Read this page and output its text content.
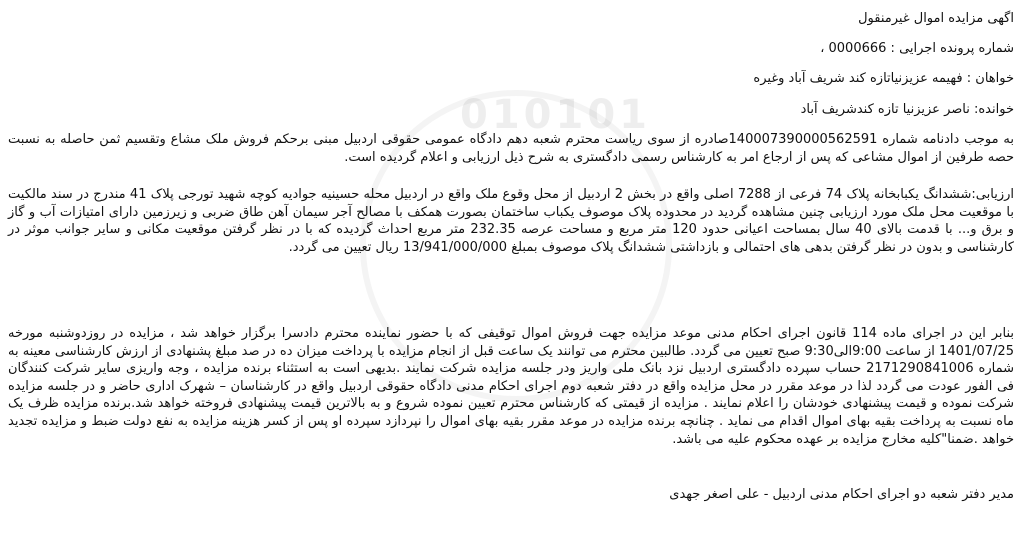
010101
اگهی مزایده اموال غیرمنقول
شماره پرونده اجرایی : 0000666 ،
خواهان : فهیمه عزیزنیاتازه کند شریف آباد وغیره
خوانده: ناصر عزیزنیا تازه کندشریف آباد
به موجب دادنامه شماره 140007390000562591صادره از سوی ریاست محترم شعبه دهم دادگاه عمومی حقوقی اردبیل مبنی برحکم فروش ملک مشاع وتقسیم ثمن حاصله به نسبت حصه طرفین از اموال مشاعی که پس از ارجاع امر به کارشناس رسمی دادگستری به شرح ذیل ارزیابی و اعلام گردیده است.
ارزیابی:ششدانگ یکبابخانه پلاک 74 فرعی از 7288 اصلی واقع در بخش 2 اردبیل از محل وقوع ملک واقع در اردبیل محله حسینیه جوادیه کوچه شهید تورجی پلاک 41 مندرج در سند مالکیت با موقعیت محل ملک مورد ارزیابی چنین مشاهده گردید در محدوده پلاک موصوف یکباب ساختمان بصورت همکف با مصالح آجر سیمان آهن طاق ضربی و زیرزمین دارای امتیازات آب و گاز و برق و... با قدمت بالای 40 سال بمساحت اعیانی حدود 120 متر مربع و مساحت عرصه 232.35 متر مربع احداث گردیده که با در نظر گرفتن موقعیت مکانی و سایر جوانب موثر در کارشناسی و بدون در نظر گرفتن بدهی های احتمالی و بازداشتی ششدانگ پلاک موصوف بمبلغ 13/941/000/000 ریال تعیین می گردد.
بنابر این در اجرای ماده 114 قانون اجرای احکام مدنی موعد مزایده جهت فروش اموال توقیفی که با حضور نماینده محترم دادسرا برگزار خواهد شد ، مزایده در روزدوشنبه مورخه 1401/07/25 از ساعت 9:00الی9:30 صبح تعیین می گردد. طالبین محترم می توانند یک ساعت قبل از انجام مزایده با پرداخت میزان ده در صد مبلغ پشنهادی از ارزش کارشناسی معینه به شماره 2171290841006 حساب سپرده دادگستری اردبیل نزد بانک ملی واریز ودر جلسه مزایده شرکت نمایند .بدیهی است به استثناء برنده مزایده ، وجه واریزی سایر شرکت کنندگان فی الفور عودت می گردد لذا در موعد مقرر در محل مزایده واقع در دفتر شعبه دوم اجرای احکام مدنی دادگاه حقوقی اردبیل واقع در کارشناسان – شهرک اداری حاضر و در جلسه مزایده شرکت نموده و قیمت پیشنهادی خودشان را اعلام نمایند . مزایده از قیمتی که کارشناس محترم تعیین نموده شروع و به بالاترین قیمت پیشنهادی فروخته خواهد شد.برنده مزایده ظرف یک ماه نسبت به پرداخت بقیه بهای اموال اقدام می نماید . چنانچه برنده مزایده در موعد مقرر بقیه بهای اموال را نپردازد سپرده او پس از کسر هزینه مزایده به نفع دولت ضبط و مزایده تجدید خواهد .ضمنا"کلیه مخارج مزایده بر عهده محکوم علیه می باشد.
مدیر دفتر شعبه دو اجرای احکام مدنی اردبیل - علی اصغر جهدی
